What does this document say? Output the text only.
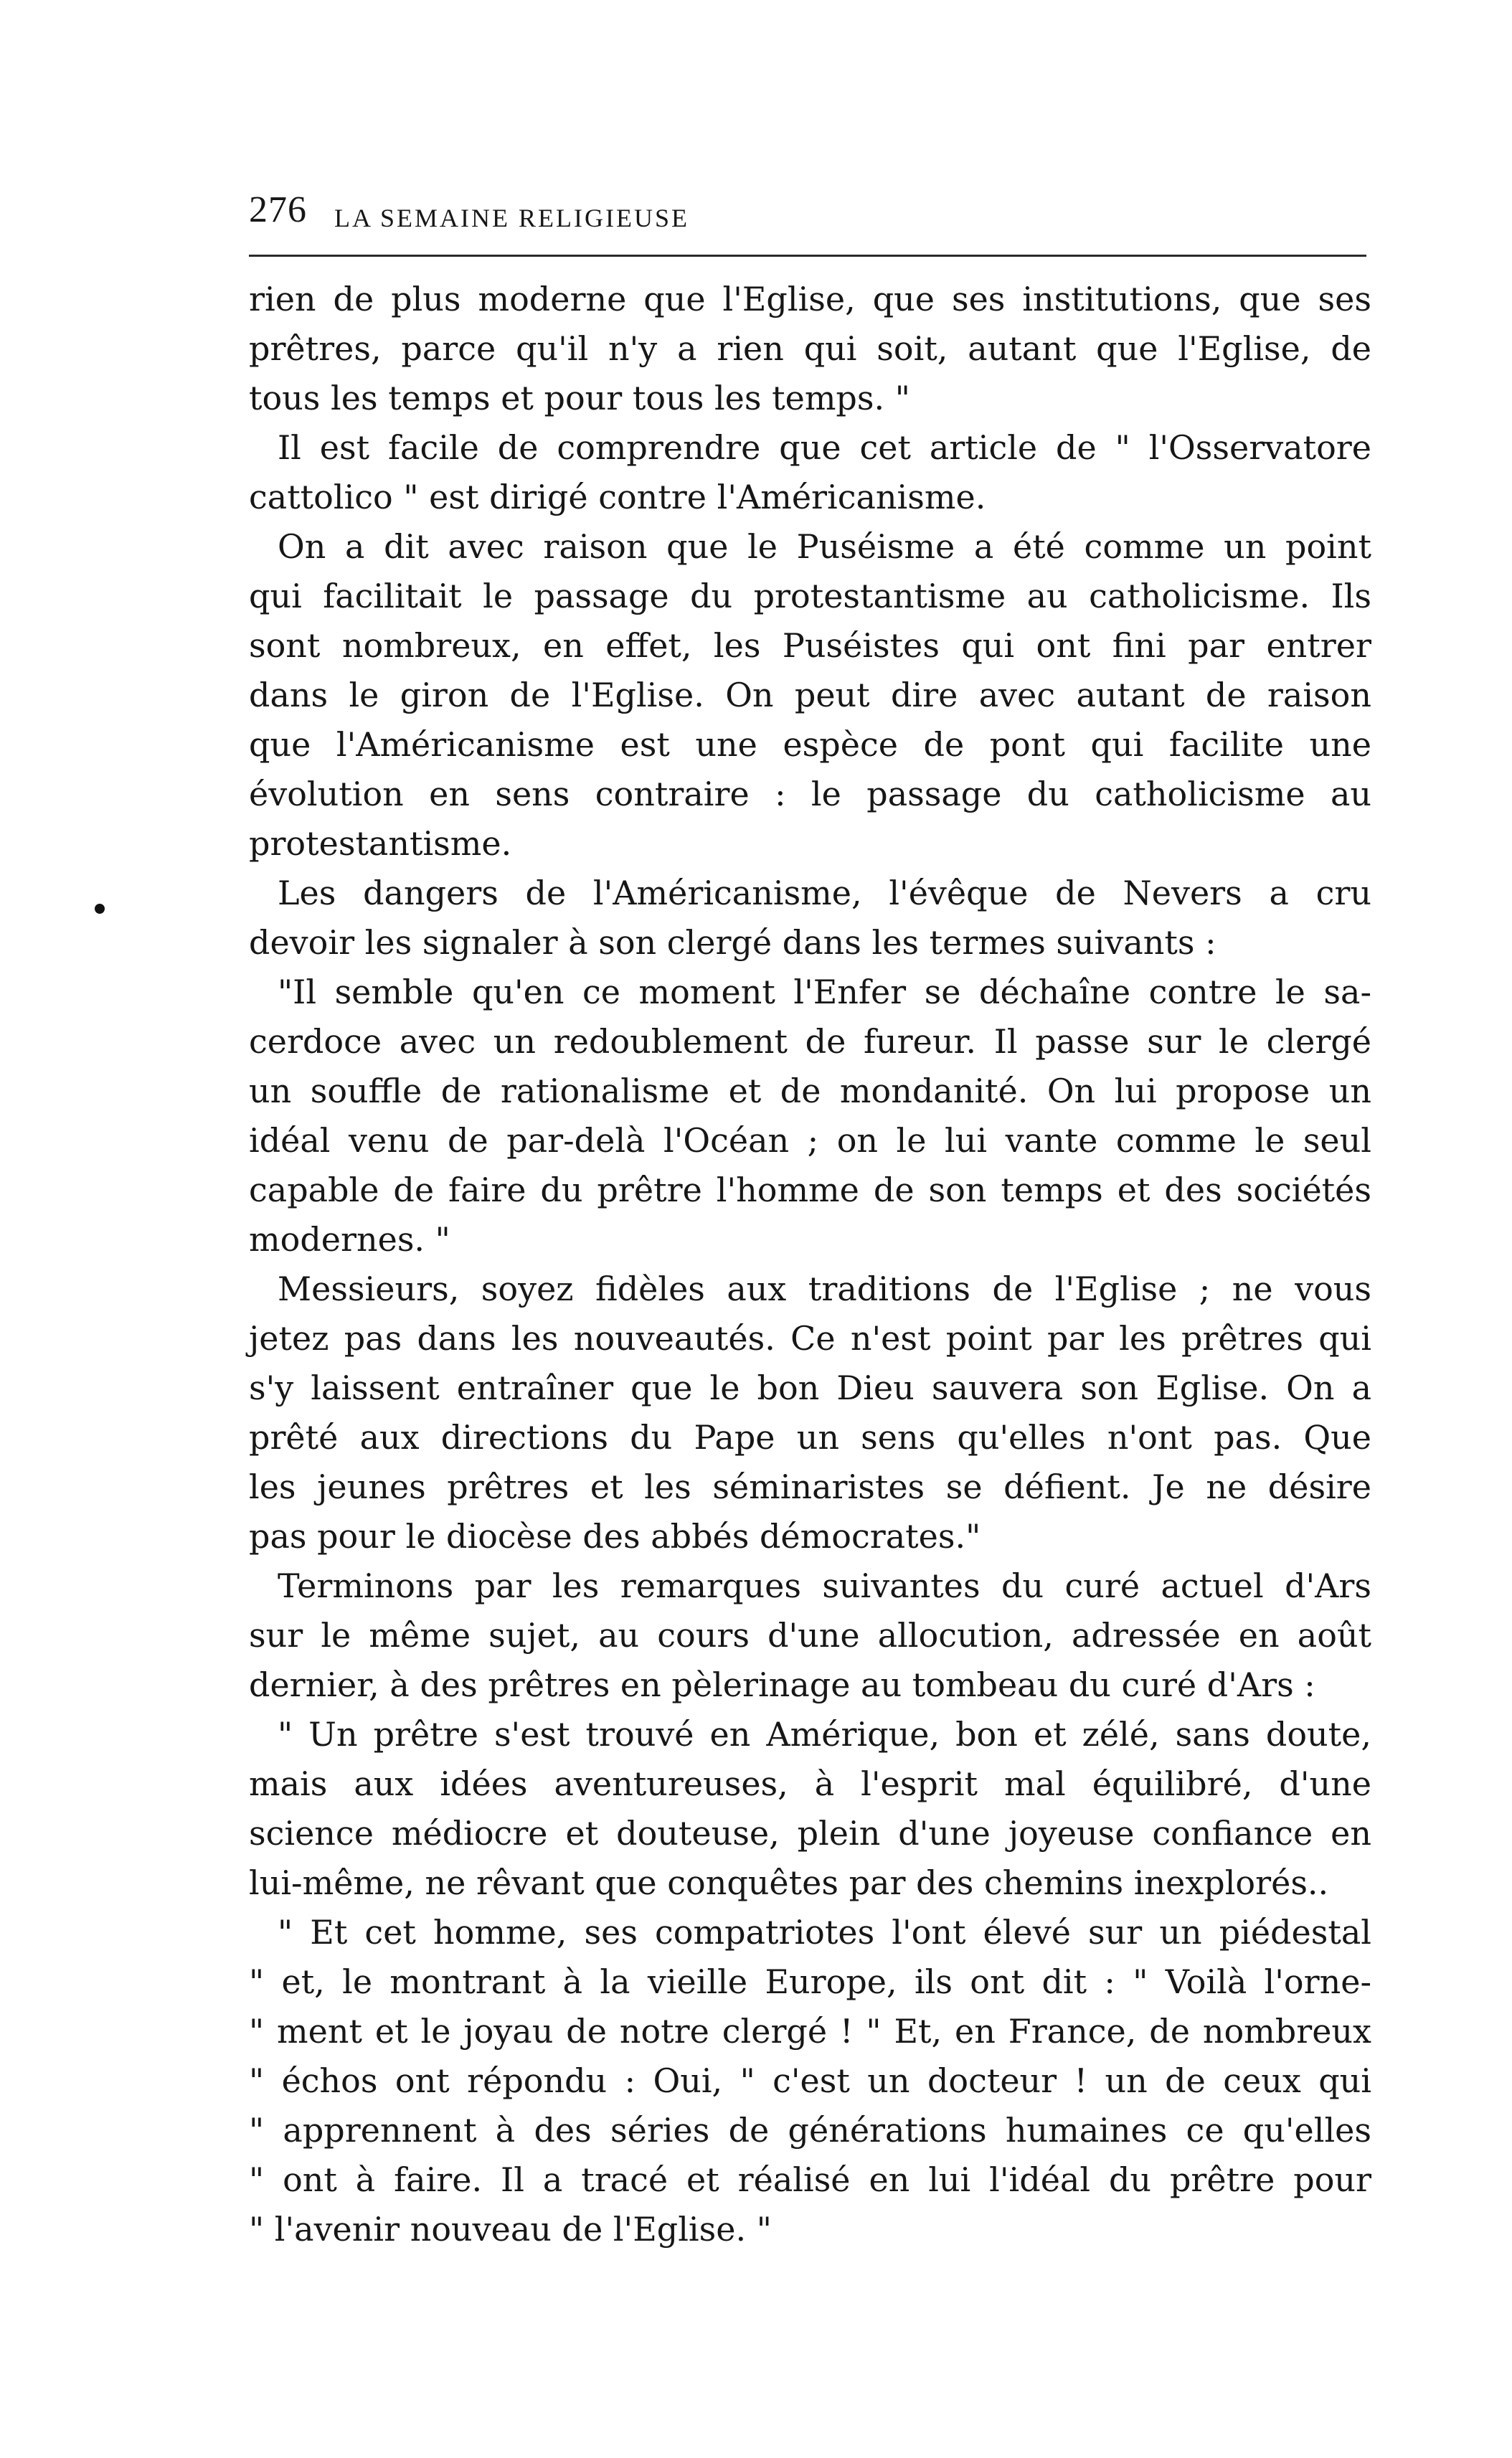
276 LA SEMAINE RELIGIEUSE
rien de plus moderne que l'Eglise, que ses institutions, que ses
prêtres, parce qu'il n'y a rien qui soit, autant que l'Eglise, de
tous les temps et pour tous les temps. "
Il est facile de comprendre que cet article de " l'Osservatore
cattolico " est dirigé contre l'Américanisme.
On a dit avec raison que le Puséisme a été comme un point
qui facilitait le passage du protestantisme au catholicisme. Ils
sont nombreux, en effet, les Puséistes qui ont fini par entrer
dans le giron de l'Eglise. On peut dire avec autant de raison
que l'Américanisme est une espèce de pont qui facilite une
évolution en sens contraire : le passage du catholicisme au
protestantisme.
Les dangers de l'Américanisme, l'évêque de Nevers a cru
devoir les signaler à son clergé dans les termes suivants :
"Il semble qu'en ce moment l'Enfer se déchaîne contre le sa-
cerdoce avec un redoublement de fureur. Il passe sur le clergé
un souffle de rationalisme et de mondanité. On lui propose un
idéal venu de par-delà l'Océan ; on le lui vante comme le seul
capable de faire du prêtre l'homme de son temps et des sociétés
modernes. "
Messieurs, soyez fidèles aux traditions de l'Eglise ; ne vous
jetez pas dans les nouveautés. Ce n'est point par les prêtres qui
s'y laissent entraîner que le bon Dieu sauvera son Eglise. On a
prêté aux directions du Pape un sens qu'elles n'ont pas. Que
les jeunes prêtres et les séminaristes se défient. Je ne désire
pas pour le diocèse des abbés démocrates."
Terminons par les remarques suivantes du curé actuel d'Ars
sur le même sujet, au cours d'une allocution, adressée en août
dernier, à des prêtres en pèlerinage au tombeau du curé d'Ars :
" Un prêtre s'est trouvé en Amérique, bon et zélé, sans doute,
mais aux idées aventureuses, à l'esprit mal équilibré, d'une
science médiocre et douteuse, plein d'une joyeuse confiance en
lui-même, ne rêvant que conquêtes par des chemins inexplorés..
" Et cet homme, ses compatriotes l'ont élevé sur un piédestal
" et, le montrant à la vieille Europe, ils ont dit : " Voilà l'orne-
" ment et le joyau de notre clergé ! " Et, en France, de nombreux
" échos ont répondu : Oui, " c'est un docteur ! un de ceux qui
" apprennent à des séries de générations humaines ce qu'elles
" ont à faire. Il a tracé et réalisé en lui l'idéal du prêtre pour
" l'avenir nouveau de l'Eglise. "
